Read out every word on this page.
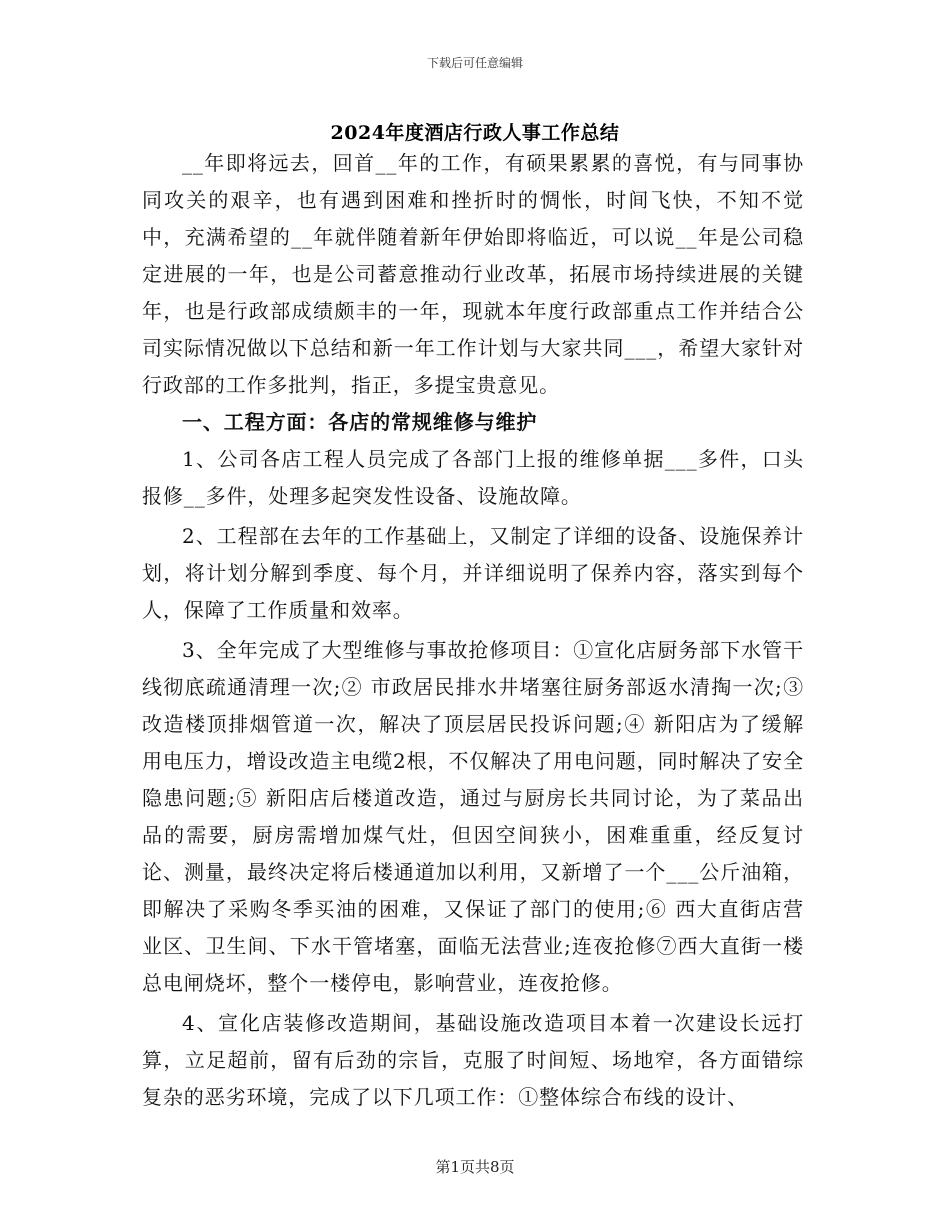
下载后可任意编辑
2024年度酒店行政人事工作总结

__年即将远去，回首__年的工作，有硕果累累的喜悦，有与同事协同攻关的艰辛，也有遇到困难和挫折时的惆怅，时间飞快，不知不觉中，充满希望的__年就伴随着新年伊始即将临近，可以说__年是公司稳定进展的一年，也是公司蓄意推动行业改革，拓展市场持续进展的关键年，也是行政部成绩颇丰的一年，现就本年度行政部重点工作并结合公司实际情况做以下总结和新一年工作计划与大家共同___，希望大家针对行政部的工作多批判，指正，多提宝贵意见。

一、工程方面：各店的常规维修与维护

1、公司各店工程人员完成了各部门上报的维修单据___多件，口头报修__多件，处理多起突发性设备、设施故障。

2、工程部在去年的工作基础上，又制定了详细的设备、设施保养计划，将计划分解到季度、每个月，并详细说明了保养内容，落实到每个人，保障了工作质量和效率。

3、全年完成了大型维修与事故抢修项目：①宣化店厨务部下水管干线彻底疏通清理一次;② 市政居民排水井堵塞往厨务部返水清掏一次;③ 改造楼顶排烟管道一次，解决了顶层居民投诉问题;④ 新阳店为了缓解用电压力，增设改造主电缆2根，不仅解决了用电问题，同时解决了安全隐患问题;⑤ 新阳店后楼道改造，通过与厨房长共同讨论，为了菜品出品的需要，厨房需增加煤气灶，但因空间狭小，困难重重，经反复讨论、测量，最终决定将后楼通道加以利用，又新增了一个___公斤油箱，即解决了采购冬季买油的困难，又保证了部门的使用;⑥ 西大直街店营业区、卫生间、下水干管堵塞，面临无法营业;连夜抢修⑦西大直街一楼总电闸烧坏，整个一楼停电，影响营业，连夜抢修。

4、宣化店装修改造期间，基础设施改造项目本着一次建设长远打算，立足超前，留有后劲的宗旨，克服了时间短、场地窄，各方面错综复杂的恶劣环境，完成了以下几项工作：①整体综合布线的设计、

第1页共8页
